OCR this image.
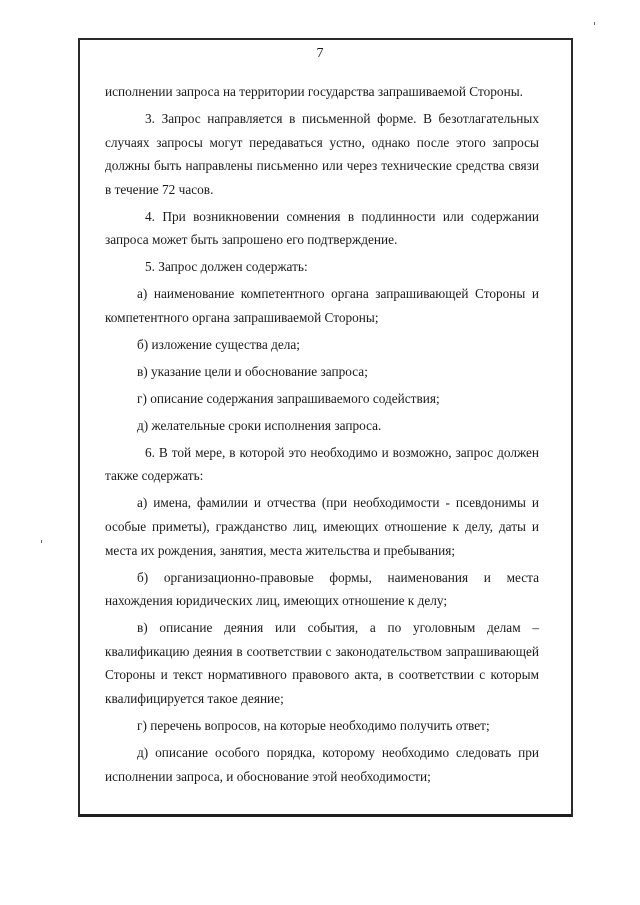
7

исполнении запроса на территории государства запрашиваемой Стороны.

3. Запрос направляется в письменной форме. В безотлагательных случаях запросы могут передаваться устно, однако после этого запросы должны быть направлены письменно или через технические средства связи в течение 72 часов.

4. При возникновении сомнения в подлинности или содержании запроса может быть запрошено его подтверждение.

5. Запрос должен содержать:

а) наименование компетентного органа запрашивающей Стороны и компетентного органа запрашиваемой Стороны;

б) изложение существа дела;

в) указание цели и обоснование запроса;

г) описание содержания запрашиваемого содействия;

д) желательные сроки исполнения запроса.

6. В той мере, в которой это необходимо и возможно, запрос должен также содержать:

а) имена, фамилии и отчества (при необходимости - псевдонимы и особые приметы), гражданство лиц, имеющих отношение к делу, даты и места их рождения, занятия, места жительства и пребывания;

б) организационно-правовые формы, наименования и места нахождения юридических лиц, имеющих отношение к делу;

в) описание деяния или события, а по уголовным делам – квалификацию деяния в соответствии с законодательством запрашивающей Стороны и текст нормативного правового акта, в соответствии с которым квалифицируется такое деяние;

г) перечень вопросов, на которые необходимо получить ответ;

д) описание особого порядка, которому необходимо следовать при исполнении запроса, и обоснование этой необходимости;
